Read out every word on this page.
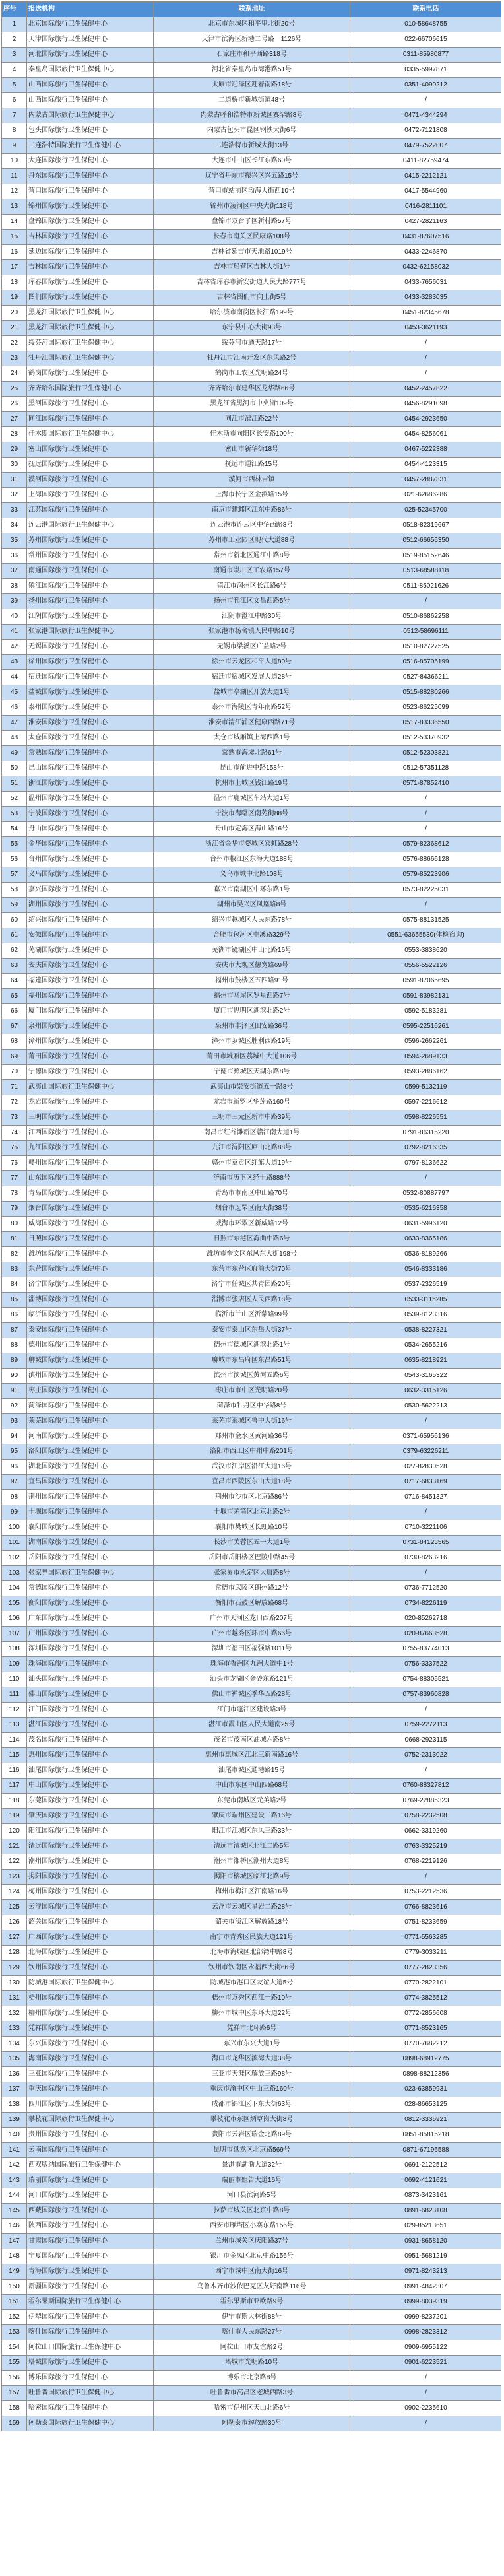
序号	报送机构	联系地址	联系电话
1	北京国际旅行卫生保健中心	北京市东城区和平里北街20号	010-58648755
2	天津国际旅行卫生保健中心	天津市滨海区新港二号路一1126号	022-66706615
3	河北国际旅行卫生保健中心	石家庄市和平西路318号	0311-85980877
4	秦皇岛国际旅行卫生保健中心	河北省秦皇岛市海港路51号	0335-5997871
5	山西国际旅行卫生保健中心	太原市迎泽区迎春南路18号	0351-4090212
6	山西国际旅行卫生保健中心	二道桥市新城街道48号	/
7	内蒙古国际旅行卫生保健中心	内蒙古呼和浩特市新城区赛罕路8号	0471-4344294
8	包头国际旅行卫生保健中心	内蒙古包头市昆区钢铁大街6号	0472-7121808
9	二连浩特国际旅行卫生保健中心	二连浩特市新城大街13号	0479-7522007
10	大连国际旅行卫生保健中心	大连市中山区长江东路60号	0411-82759474
11	丹东国际旅行卫生保健中心	辽宁省丹东市振兴区兴五路15号	0415-2212121
12	营口国际旅行卫生保健中心	营口市站前区渤海大街西10号	0417-5544960
13	锦州国际旅行卫生保健中心	锦州市凌河区中央大街118号	0416-2811101
14	盘锦国际旅行卫生保健中心	盘锦市双台子区新村路57号	0427-2821163
15	吉林国际旅行卫生保健中心	长春市南关区民康路108号	0431-87607516
16	延边国际旅行卫生保健中心	吉林省延吉市天池路1019号	0433-2246870
17	吉林国际旅行卫生保健中心	吉林市船营区吉林大街1号	0432-62158032
18	珲春国际旅行卫生保健中心	吉林省珲春市新安街道人民大路777号	0433-7656031
19	图们国际旅行卫生保健中心	吉林省图们市向上街5号	0433-3283035
20	黑龙江国际旅行卫生保健中心	哈尔滨市南岗区长江路199号	0451-82345678
21	黑龙江国际旅行卫生保健中心	东宁县中心大街93号	0453-3621193
22	绥芬河国际旅行卫生保健中心	绥芬河市通天路17号	/
23	牡丹江国际旅行卫生保健中心	牡丹江市江南开发区东风路2号	/
24	鹤岗国际旅行卫生保健中心	鹤岗市工农区光明路24号	/
25	齐齐哈尔国际旅行卫生保健中心	齐齐哈尔市建华区龙华路66号	0452-2457822
26	黑河国际旅行卫生保健中心	黑龙江省黑河市中央街109号	0456-8291098
27	同江国际旅行卫生保健中心	同江市滨江路22号	0454-2923650
28	佳木斯国际旅行卫生保健中心	佳木斯市向阳区长安路100号	0454-8256061
29	密山国际旅行卫生保健中心	密山市新华街18号	0467-5222388
30	抚远国际旅行卫生保健中心	抚远市通江路15号	0454-4123315
31	漠河国际旅行卫生保健中心	漠河市西林吉镇	0457-2887331
32	上海国际旅行卫生保健中心	上海市长宁区金浜路15号	021-62686286
33	江苏国际旅行卫生保健中心	南京市建邺区江东中路86号	025-52345700
34	连云港国际旅行卫生保健中心	连云港市连云区中华西路8号	0518-82319667
35	苏州国际旅行卫生保健中心	苏州市工业园区现代大道88号	0512-66656350
36	常州国际旅行卫生保健中心	常州市新北区通江中路8号	0519-85152646
37	南通国际旅行卫生保健中心	南通市崇川区工农路157号	0513-68588118
38	镇江国际旅行卫生保健中心	镇江市润州区长江路6号	0511-85021626
39	扬州国际旅行卫生保健中心	扬州市邗江区文昌西路5号	/
40	江阴国际旅行卫生保健中心	江阴市澄江中路30号	0510-86862258
41	张家港国际旅行卫生保健中心	张家港市杨舍镇人民中路10号	0512-58696111
42	无锡国际旅行卫生保健中心	无锡市梁溪区广益路2号	0510-82727525
43	徐州国际旅行卫生保健中心	徐州市云龙区和平大道80号	0516-85705199
44	宿迁国际旅行卫生保健中心	宿迁市宿城区发展大道28号	0527-84366211
45	盐城国际旅行卫生保健中心	盐城市亭湖区开放大道1号	0515-88280266
46	泰州国际旅行卫生保健中心	泰州市海陵区青年南路52号	0523-86225099
47	淮安国际旅行卫生保健中心	淮安市清江浦区健康西路71号	0517-83336550
48	太仓国际旅行卫生保健中心	太仓市城厢镇上海西路1号	0512-53370932
49	常熟国际旅行卫生保健中心	常熟市海虞北路61号	0512-52303821
50	昆山国际旅行卫生保健中心	昆山市前进中路158号	0512-57351128
51	浙江国际旅行卫生保健中心	杭州市上城区钱江路19号	0571-87852410
52	温州国际旅行卫生保健中心	温州市鹿城区车站大道1号	/
53	宁波国际旅行卫生保健中心	宁波市海曙区南苑街88号	/
54	舟山国际旅行卫生保健中心	舟山市定海区海山路16号	/
55	金华国际旅行卫生保健中心	浙江省金华市婺城区宾虹路28号	0579-82368612
56	台州国际旅行卫生保健中心	台州市椒江区东海大道188号	0576-88666128
57	义乌国际旅行卫生保健中心	义乌市城中北路108号	0579-85223906
58	嘉兴国际旅行卫生保健中心	嘉兴市南湖区中环东路1号	0573-82225031
59	湖州国际旅行卫生保健中心	湖州市吴兴区凤凰路8号	/
60	绍兴国际旅行卫生保健中心	绍兴市越城区人民东路78号	0575-88131525
61	安徽国际旅行卫生保健中心	合肥市包河区屯溪路329号	0551-63655530(体检咨询)
62	芜湖国际旅行卫生保健中心	芜湖市镜湖区中山北路16号	0553-3838620
63	安庆国际旅行卫生保健中心	安庆市大观区德宽路69号	0556-5522126
64	福建国际旅行卫生保健中心	福州市鼓楼区五四路91号	0591-87065695
65	福州国际旅行卫生保健中心	福州市马尾区罗星西路7号	0591-83982131
66	厦门国际旅行卫生保健中心	厦门市思明区湖滨北路2号	0592-5183281
67	泉州国际旅行卫生保健中心	泉州市丰泽区田安路36号	0595-22516261
68	漳州国际旅行卫生保健中心	漳州市芗城区胜利西路19号	0596-2662261
69	莆田国际旅行卫生保健中心	莆田市城厢区荔城中大道106号	0594-2689133
70	宁德国际旅行卫生保健中心	宁德市蕉城区天湖东路8号	0593-2886162
71	武夷山国际旅行卫生保健中心	武夷山市崇安街道五一路8号	0599-5132119
72	龙岩国际旅行卫生保健中心	龙岩市新罗区华莲路160号	0597-2216612
73	三明国际旅行卫生保健中心	三明市三元区新市中路39号	0598-8226551
74	江西国际旅行卫生保健中心	南昌市红谷滩新区赣江南大道1号	0791-86315220
75	九江国际旅行卫生保健中心	九江市浔阳区庐山北路88号	0792-8216335
76	赣州国际旅行卫生保健中心	赣州市章贡区红旗大道19号	0797-8136622
77	山东国际旅行卫生保健中心	济南市历下区经十路888号	/
78	青岛国际旅行卫生保健中心	青岛市市南区中山路70号	0532-80887797
79	烟台国际旅行卫生保健中心	烟台市芝罘区南大街38号	0535-6216358
80	威海国际旅行卫生保健中心	威海市环翠区新威路12号	0631-5996120
81	日照国际旅行卫生保健中心	日照市东港区海曲中路6号	0633-8365186
82	潍坊国际旅行卫生保健中心	潍坊市奎文区东风东大街198号	0536-8189266
83	东营国际旅行卫生保健中心	东营市东营区府前大街70号	0546-8333186
84	济宁国际旅行卫生保健中心	济宁市任城区共青团路20号	0537-2326519
85	淄博国际旅行卫生保健中心	淄博市张店区人民西路18号	0533-3115285
86	临沂国际旅行卫生保健中心	临沂市兰山区沂蒙路99号	0539-8123316
87	泰安国际旅行卫生保健中心	泰安市泰山区东岳大街37号	0538-8227321
88	德州国际旅行卫生保健中心	德州市德城区湖滨北路1号	0534-2655216
89	聊城国际旅行卫生保健中心	聊城市东昌府区东昌路51号	0635-8218921
90	滨州国际旅行卫生保健中心	滨州市滨城区黄河五路6号	0543-3165322
91	枣庄国际旅行卫生保健中心	枣庄市市中区光明路20号	0632-3315126
92	菏泽国际旅行卫生保健中心	菏泽市牡丹区中华路8号	0530-5622213
93	莱芜国际旅行卫生保健中心	莱芜市莱城区鲁中大街16号	/
94	河南国际旅行卫生保健中心	郑州市金水区黄河路36号	0371-65956136
95	洛阳国际旅行卫生保健中心	洛阳市西工区中州中路201号	0379-63226211
96	湖北国际旅行卫生保健中心	武汉市江岸区沿江大道16号	027-82830528
97	宜昌国际旅行卫生保健中心	宜昌市西陵区东山大道18号	0717-6833169
98	荆州国际旅行卫生保健中心	荆州市沙市区北京路86号	0716-8451327
99	十堰国际旅行卫生保健中心	十堰市茅箭区北京北路2号	/
100	襄阳国际旅行卫生保健中心	襄阳市樊城区长虹路10号	0710-3221106
101	湖南国际旅行卫生保健中心	长沙市芙蓉区五一大道1号	0731-84123565
102	岳阳国际旅行卫生保健中心	岳阳市岳阳楼区巴陵中路45号	0730-8263216
103	张家界国际旅行卫生保健中心	张家界市永定区大庸路8号	/
104	常德国际旅行卫生保健中心	常德市武陵区朗州路12号	0736-7712520
105	衡阳国际旅行卫生保健中心	衡阳市石鼓区解放路68号	0734-8226119
106	广东国际旅行卫生保健中心	广州市天河区龙口西路207号	020-85262718
107	广州国际旅行卫生保健中心	广州市越秀区环市中路66号	020-87663528
108	深圳国际旅行卫生保健中心	深圳市福田区福强路1011号	0755-83774013
109	珠海国际旅行卫生保健中心	珠海市香洲区九洲大道中1号	0756-3337522
110	汕头国际旅行卫生保健中心	汕头市龙湖区金砂东路121号	0754-88305521
111	佛山国际旅行卫生保健中心	佛山市禅城区季华五路28号	0757-83960828
112	江门国际旅行卫生保健中心	江门市蓬江区建设路3号	/
113	湛江国际旅行卫生保健中心	湛江市霞山区人民大道南25号	0759-2272113
114	茂名国际旅行卫生保健中心	茂名市茂南区油城六路8号	0668-2923115
115	惠州国际旅行卫生保健中心	惠州市惠城区江北三新南路16号	0752-2313022
116	汕尾国际旅行卫生保健中心	汕尾市城区通港路15号	/
117	中山国际旅行卫生保健中心	中山市东区中山四路68号	0760-88327812
118	东莞国际旅行卫生保健中心	东莞市南城区元美路2号	0769-22885323
119	肇庆国际旅行卫生保健中心	肇庆市端州区建设二路16号	0758-2232508
120	阳江国际旅行卫生保健中心	阳江市江城区东风三路33号	0662-3319260
121	清远国际旅行卫生保健中心	清远市清城区北江二路5号	0763-3325219
122	潮州国际旅行卫生保健中心	潮州市湘桥区潮州大道8号	0768-2219126
123	揭阳国际旅行卫生保健中心	揭阳市榕城区临江北路9号	/
124	梅州国际旅行卫生保健中心	梅州市梅江区江南路16号	0753-2212536
125	云浮国际旅行卫生保健中心	云浮市云城区星岩二路28号	0766-8823616
126	韶关国际旅行卫生保健中心	韶关市浈江区解放路18号	0751-8233659
127	广西国际旅行卫生保健中心	南宁市青秀区民族大道121号	0771-5563285
128	北海国际旅行卫生保健中心	北海市海城区北部湾中路8号	0779-3033211
129	钦州国际旅行卫生保健中心	钦州市钦南区永福西大街66号	0777-2823356
130	防城港国际旅行卫生保健中心	防城港市港口区友谊大道5号	0770-2822101
131	梧州国际旅行卫生保健中心	梧州市万秀区西江一路10号	0774-3825512
132	柳州国际旅行卫生保健中心	柳州市城中区东环大道22号	0772-2856608
133	凭祥国际旅行卫生保健中心	凭祥市北环路6号	0771-8523165
134	东兴国际旅行卫生保健中心	东兴市东兴大道1号	0770-7682212
135	海南国际旅行卫生保健中心	海口市龙华区滨海大道38号	0898-68912775
136	三亚国际旅行卫生保健中心	三亚市天涯区解放三路98号	0898-88212356
137	重庆国际旅行卫生保健中心	重庆市渝中区中山三路160号	023-63859931
138	四川国际旅行卫生保健中心	成都市锦江区下东大街63号	028-86653125
139	攀枝花国际旅行卫生保健中心	攀枝花市东区炳草岗大街8号	0812-3335921
140	贵州国际旅行卫生保健中心	贵阳市云岩区瑞金北路89号	0851-85815218
141	云南国际旅行卫生保健中心	昆明市盘龙区北京路569号	0871-67196588
142	西双版纳国际旅行卫生保健中心	景洪市勐泐大道32号	0691-2122512
143	瑞丽国际旅行卫生保健中心	瑞丽市姐告大道16号	0692-4121621
144	河口国际旅行卫生保健中心	河口县滨河路5号	0873-3423161
145	西藏国际旅行卫生保健中心	拉萨市城关区北京中路8号	0891-6823108
146	陕西国际旅行卫生保健中心	西安市雁塔区小寨东路156号	029-85213651
147	甘肃国际旅行卫生保健中心	兰州市城关区庆阳路37号	0931-8658120
148	宁夏国际旅行卫生保健中心	银川市金凤区北京中路156号	0951-5681219
149	青海国际旅行卫生保健中心	西宁市城中区南大街16号	0971-8243213
150	新疆国际旅行卫生保健中心	乌鲁木齐市沙依巴克区友好南路116号	0991-4842307
151	霍尔果斯国际旅行卫生保健中心	霍尔果斯市亚欧路9号	0999-8039319
152	伊犁国际旅行卫生保健中心	伊宁市斯大林街88号	0999-8237201
153	喀什国际旅行卫生保健中心	喀什市人民东路27号	0998-2823312
154	阿拉山口国际旅行卫生保健中心	阿拉山口市友谊路2号	0909-6955122
155	塔城国际旅行卫生保健中心	塔城市光明路10号	0901-6223521
156	博乐国际旅行卫生保健中心	博乐市北京路8号	/
157	吐鲁番国际旅行卫生保健中心	吐鲁番市高昌区老城西路3号	/
158	哈密国际旅行卫生保健中心	哈密市伊州区天山北路6号	0902-2235610
159	阿勒泰国际旅行卫生保健中心	阿勒泰市解放路30号	/
